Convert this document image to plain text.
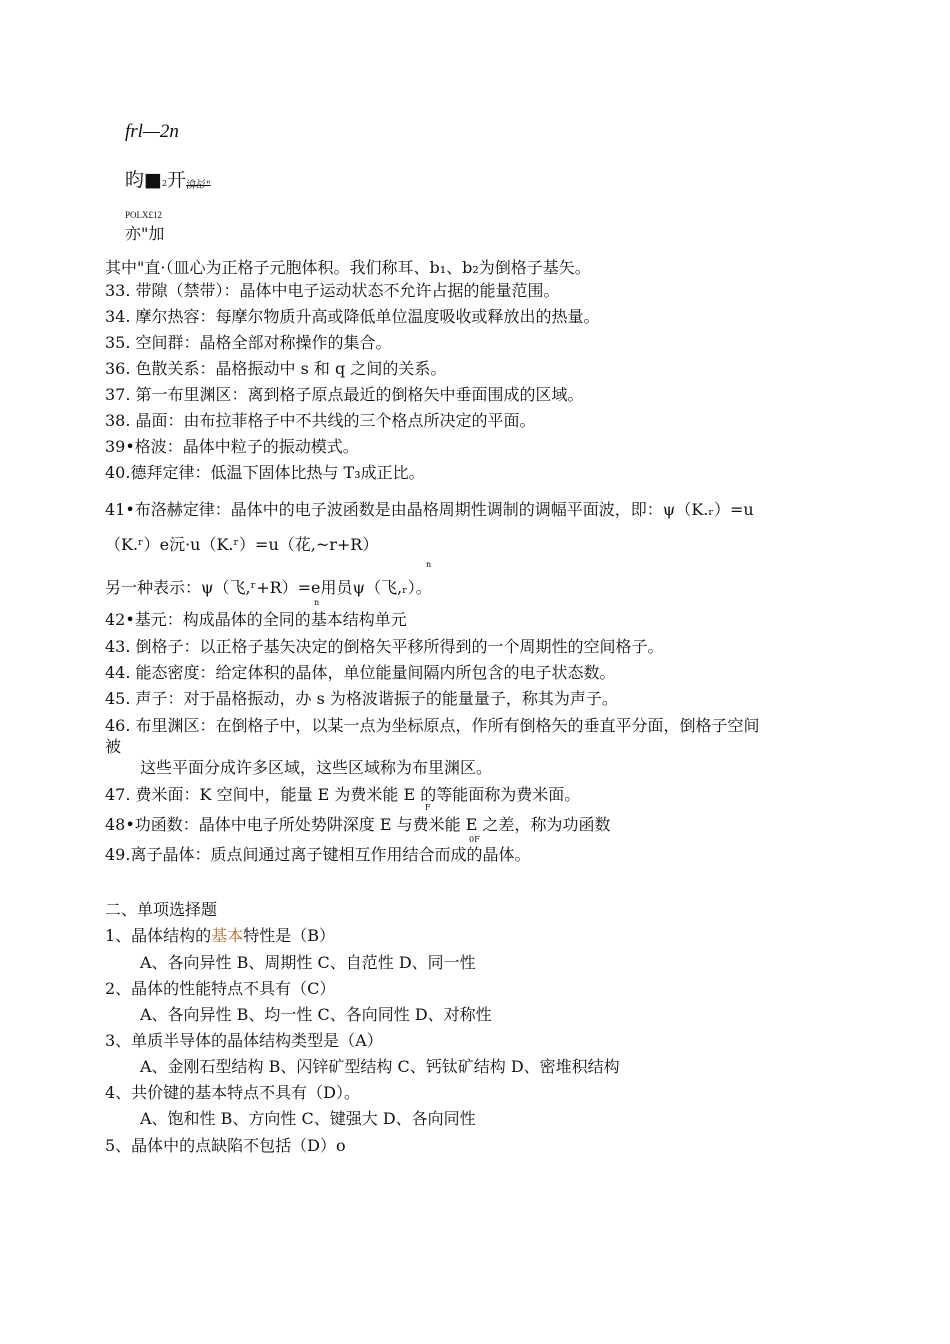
frl—2n
昀■2开渰㣌"
POLX£12
亦"加
其中"直·（皿心为正格子元胞体积。我们称耳、b₁、b₂为倒格子基矢。
33. 带隙（禁带）：晶体中电子运动状态不允许占据的能量范围。
34. 摩尔热容：每摩尔物质升高或降低单位温度吸收或释放出的热量。
35. 空间群：晶格全部对称操作的集合。
36. 色散关系：晶格振动中 s 和 q 之间的关系。
37. 第一布里渊区：离到格子原点最近的倒格矢中垂面围成的区域。
38. 晶面：由布拉菲格子中不共线的三个格点所决定的平面。
39•格波：晶体中粒子的振动模式。
40.德拜定律：低温下固体比热与 T₃成正比。
41•布洛赫定律：晶体中的电子波函数是由晶格周期性调制的调幅平面波，即：ψ（K.ᵣ）=u
（K.ʳ）e沅·u（K.ʳ）=u（花,~r+R）
n
另一种表示：ψ（飞,ʳ+R）=e用员ψ（飞,ᵣ）。
n
42•基元：构成晶体的全同的基本结构单元
43. 倒格子：以正格子基矢决定的倒格矢平移所得到的一个周期性的空间格子。
44. 能态密度：给定体积的晶体，单位能量间隔内所包含的电子状态数。
45. 声子：对于晶格振动，办 s 为格波谐振子的能量量子，称其为声子。
46. 布里渊区：在倒格子中，以某一点为坐标原点，作所有倒格矢的垂直平分面，倒格子空间
被
这些平面分成许多区域，这些区域称为布里渊区。
47. 费米面：K 空间中，能量 E 为费米能 E 的等能面称为费米面。
F
48•功函数：晶体中电子所处势阱深度 E 与费米能 E 之差，称为功函数
0F
49.离子晶体：质点间通过离子键相互作用结合而成的晶体。
二、单项选择题
1、晶体结构的基本特性是（B）
A、各向异性 B、周期性 C、自范性 D、同一性
2、晶体的性能特点不具有（C）
A、各向异性 B、均一性 C、各向同性 D、对称性
3、单质半导体的晶体结构类型是（A）
A、金刚石型结构 B、闪锌矿型结构 C、钙钛矿结构 D、密堆积结构
4、共价键的基本特点不具有（D）。
A、饱和性 B、方向性 C、键强大 D、各向同性
5、晶体中的点缺陷不包括（D）o
